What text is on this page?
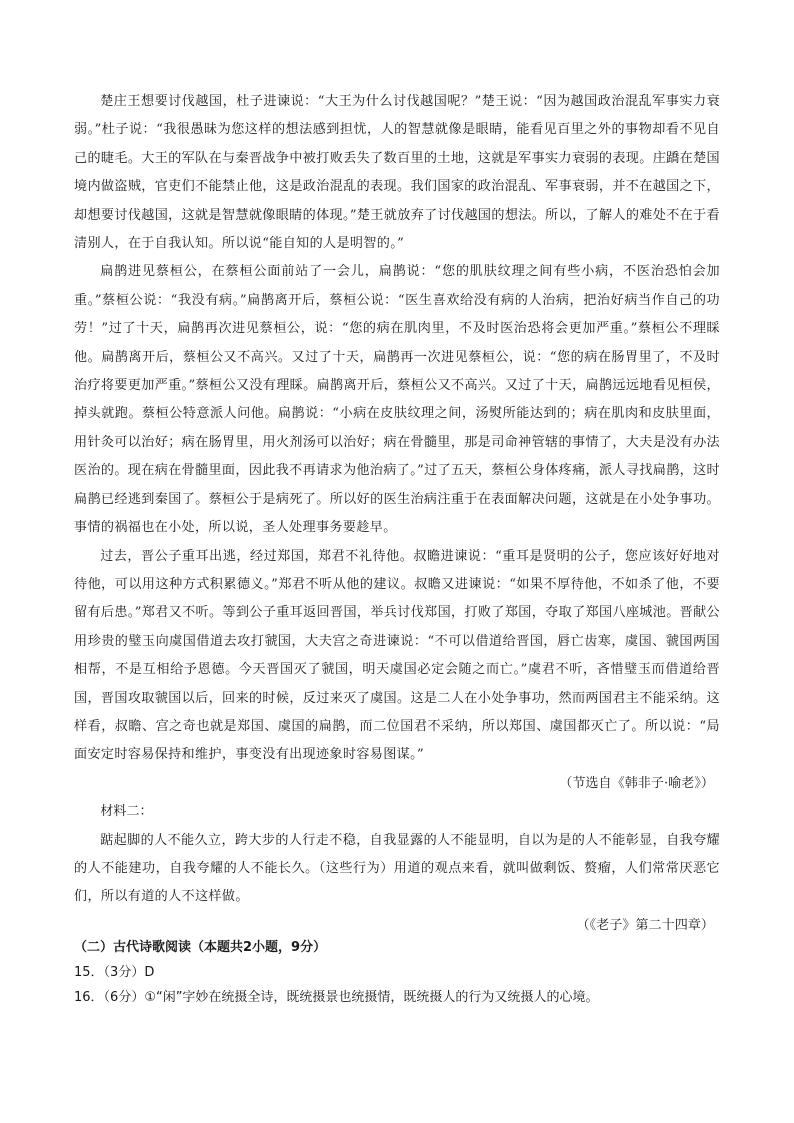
楚庄王想要讨伐越国，杜子进谏说：“大王为什么讨伐越国呢？”楚王说：“因为越国政治混乱军事实力衰弱。”杜子说：“我很愚昧为您这样的想法感到担忧，人的智慧就像是眼睛，能看见百里之外的事物却看不见自己的睫毛。大王的军队在与秦晋战争中被打败丢失了数百里的土地，这就是军事实力衰弱的表现。庄蹻在楚国境内做盗贼，官吏们不能禁止他，这是政治混乱的表现。我们国家的政治混乱、军事衰弱，并不在越国之下，却想要讨伐越国，这就是智慧就像眼睛的体现。”楚王就放弃了讨伐越国的想法。所以，了解人的难处不在于看清别人，在于自我认知。所以说“能自知的人是明智的。”

扁鹊进见蔡桓公，在蔡桓公面前站了一会儿，扁鹊说：“您的肌肤纹理之间有些小病，不医治恐怕会加重。”蔡桓公说：“我没有病。”扁鹊离开后，蔡桓公说：“医生喜欢给没有病的人治病，把治好病当作自己的功劳！”过了十天，扁鹊再次进见蔡桓公，说：“您的病在肌肉里，不及时医治恐将会更加严重。”蔡桓公不理睬他。扁鹊离开后，蔡桓公又不高兴。又过了十天，扁鹊再一次进见蔡桓公，说：“您的病在肠胃里了，不及时治疗将要更加严重。”蔡桓公又没有理睬。扁鹊离开后，蔡桓公又不高兴。又过了十天，扁鹊远远地看见桓侯，掉头就跑。蔡桓公特意派人问他。扁鹊说：“小病在皮肤纹理之间，汤熨所能达到的；病在肌肉和皮肤里面，用针灸可以治好；病在肠胃里，用火剂汤可以治好；病在骨髓里，那是司命神管辖的事情了，大夫是没有办法医治的。现在病在骨髓里面，因此我不再请求为他治病了。”过了五天，蔡桓公身体疼痛，派人寻找扁鹊，这时扁鹊已经逃到秦国了。蔡桓公于是病死了。所以好的医生治病注重于在表面解决问题，这就是在小处争事功。事情的祸福也在小处，所以说，圣人处理事务要趁早。

过去，晋公子重耳出逃，经过郑国，郑君不礼待他。叔瞻进谏说：“重耳是贤明的公子，您应该好好地对待他，可以用这种方式积累德义。”郑君不听从他的建议。叔瞻又进谏说：“如果不厚待他，不如杀了他，不要留有后患。”郑君又不听。等到公子重耳返回晋国，举兵讨伐郑国，打败了郑国，夺取了郑国八座城池。晋献公用珍贵的璧玉向虞国借道去攻打虢国，大夫宫之奇进谏说：“不可以借道给晋国，唇亡齿寒，虞国、虢国两国相帮，不是互相给予恩德。今天晋国灭了虢国，明天虞国必定会随之而亡。”虞君不听，吝惜璧玉而借道给晋国，晋国攻取虢国以后，回来的时候，反过来灭了虞国。这是二人在小处争事功，然而两国君主不能采纳。这样看，叔瞻、宫之奇也就是郑国、虞国的扁鹊，而二位国君不采纳，所以郑国、虞国都灭亡了。所以说：“局面安定时容易保持和维护，事变没有出现迹象时容易图谋。”

（节选自《韩非子·喻老》）

材料二：

踮起脚的人不能久立，跨大步的人行走不稳，自我显露的人不能显明，自以为是的人不能彰显，自我夸耀的人不能建功，自我夸耀的人不能长久。（这些行为）用道的观点来看，就叫做剩饭、赘瘤，人们常常厌恶它们，所以有道的人不这样做。

（《老子》第二十四章）

（二）古代诗歌阅读（本题共2小题，9分）

15．（3分）D

16．（6分）①“闲”字妙在统摄全诗，既统摄景也统摄情，既统摄人的行为又统摄人的心境。
